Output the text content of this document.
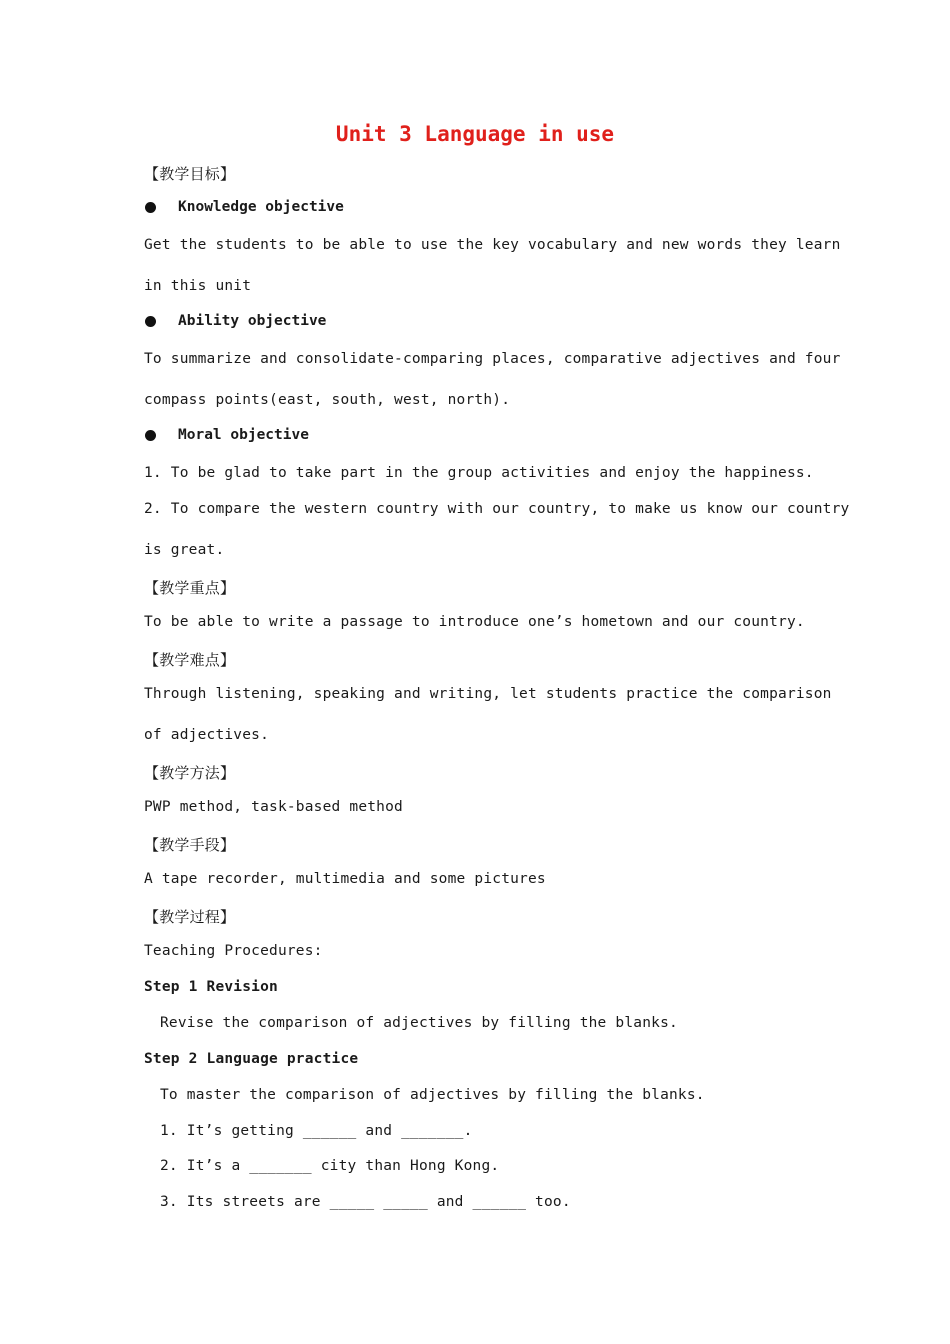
Unit 3 Language in use
【教学目标】
Knowledge objective
Get the students to be able to use the key vocabulary and new words they learn
in this unit
Ability objective
To summarize and consolidate-comparing places, comparative adjectives and four
compass points(east, south, west, north).
Moral objective
1. To be glad to take part in the group activities and enjoy the happiness.
2. To compare the western country with our country, to make us know our country
is great.
【教学重点】
To be able to write a passage to introduce one’s hometown and our country.
【教学难点】
Through listening, speaking and writing, let students practice the comparison
of adjectives.
【教学方法】
PWP method, task-based method
【教学手段】
A tape recorder, multimedia and some pictures
【教学过程】
Teaching Procedures:
Step 1 Revision
Revise the comparison of adjectives by filling the blanks.
Step 2 Language practice
To master the comparison of adjectives by filling the blanks.
1. It’s getting ______ and _______.
2. It’s a _______ city than Hong Kong.
3. Its streets are _____ _____ and ______ too.
